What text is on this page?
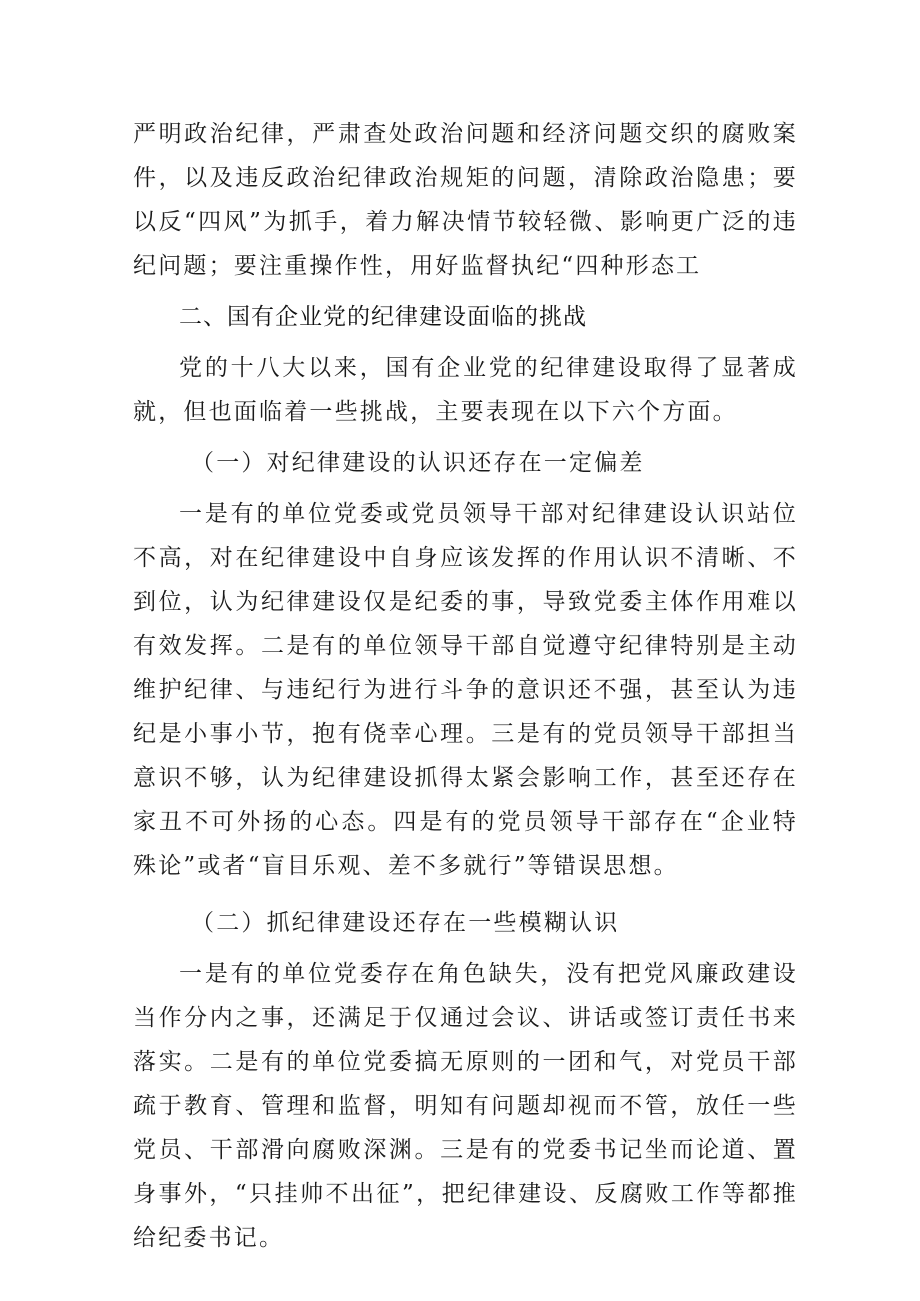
严明政治纪律，严肃查处政治问题和经济问题交织的腐败案件，以及违反政治纪律政治规矩的问题，清除政治隐患；要以反“四风”为抓手，着力解决情节较轻微、影响更广泛的违纪问题；要注重操作性，用好监督执纪“四种形态工

二、国有企业党的纪律建设面临的挑战

党的十八大以来，国有企业党的纪律建设取得了显著成就，但也面临着一些挑战，主要表现在以下六个方面。

（一）对纪律建设的认识还存在一定偏差

一是有的单位党委或党员领导干部对纪律建设认识站位不高，对在纪律建设中自身应该发挥的作用认识不清晰、不到位，认为纪律建设仅是纪委的事，导致党委主体作用难以有效发挥。二是有的单位领导干部自觉遵守纪律特别是主动维护纪律、与违纪行为进行斗争的意识还不强，甚至认为违纪是小事小节，抱有侥幸心理。三是有的党员领导干部担当意识不够，认为纪律建设抓得太紧会影响工作，甚至还存在家丑不可外扬的心态。四是有的党员领导干部存在“企业特殊论”或者“盲目乐观、差不多就行”等错误思想。

（二）抓纪律建设还存在一些模糊认识

一是有的单位党委存在角色缺失，没有把党风廉政建设当作分内之事，还满足于仅通过会议、讲话或签订责任书来落实。二是有的单位党委搞无原则的一团和气，对党员干部疏于教育、管理和监督，明知有问题却视而不管，放任一些党员、干部滑向腐败深渊。三是有的党委书记坐而论道、置身事外，“只挂帅不出征”，把纪律建设、反腐败工作等都推给纪委书记。
